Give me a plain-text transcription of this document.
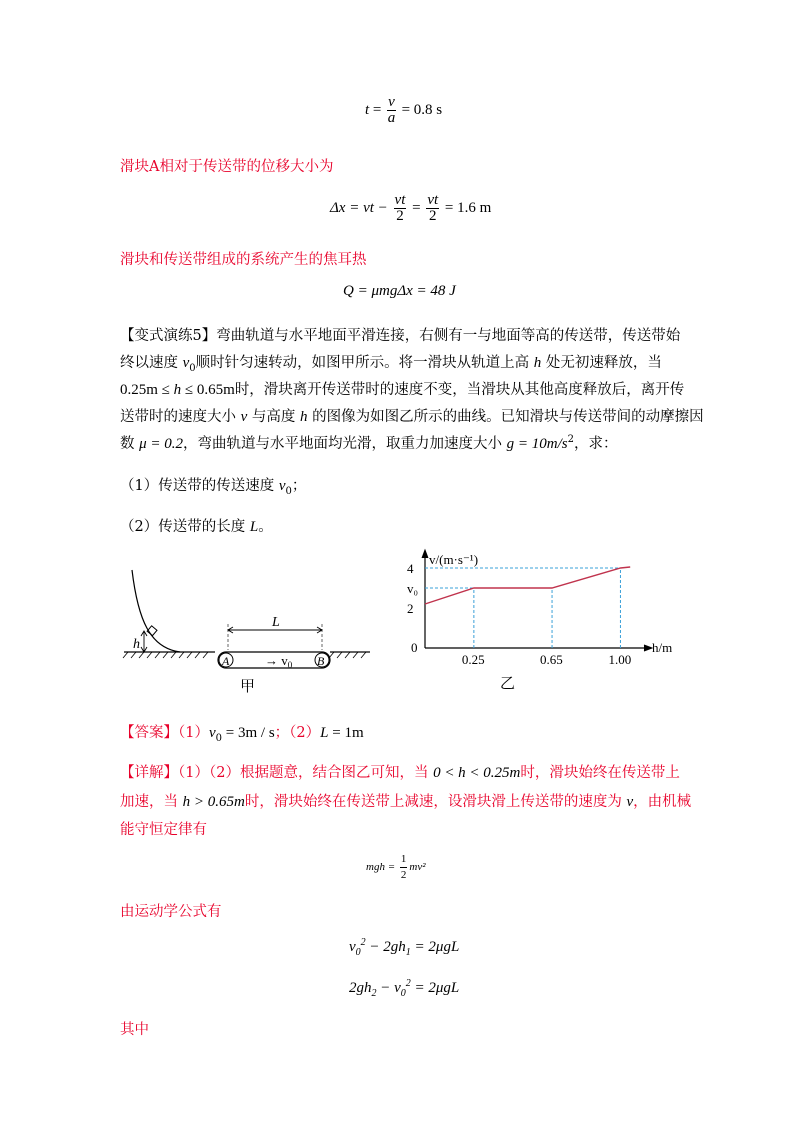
$t = \frac{v}{a} = 0.8$ s
滑块A相对于传送带的位移大小为
Δx = vt − $\frac{vt}{2} = \frac{vt}{2} = 1.6$ m
滑块和传送带组成的系统产生的焦耳热
Q = μmgΔx = 48 J
【变式演练5】弯曲轨道与水平地面平滑连接，右侧有一与地面等高的传送带，传送带始
终以速度 $v_0$顺时针匀速转动，如图甲所示。将一滑块从轨道上高 h 处无初速释放，当
0.25m ≤ h ≤ 0.65m时，滑块离开传送带时的速度不变，当滑块从其他高度释放后，离开传
送带时的速度大小 v 与高度 h 的图像为如图乙所示的曲线。已知滑块与传送带间的动摩擦因
数 μ = 0.2，弯曲轨道与水平地面均光滑，取重力加速度大小 $g = 10m/s^2$，求：
（1）传送带的传送速度 $v_0$；
（2）传送带的长度 L。
h
A	B
→ $v_0$
L
甲
v/(m·s⁻¹)
h/m
0
2
v₀
4
0.25	0.65	1.00
乙
【答案】$(1)v_0 = 3m / s$；（2）L = 1m
【详解】（1）（2）根据题意，结合图乙可知，当 0 < h < 0.25m时，滑块始终在传送带上
加速，当 h > 0.65m时，滑块始终在传送带上减速，设滑块滑上传送带的速度为 v，由机械
能守恒定律有
mgh = $\frac{1}{2} mv^2$
由运动学公式有
$v_0^2 - 2gh_1 = 2\mu gL$
$2gh_2 - v_0^2 = 2\mu gL$
其中
